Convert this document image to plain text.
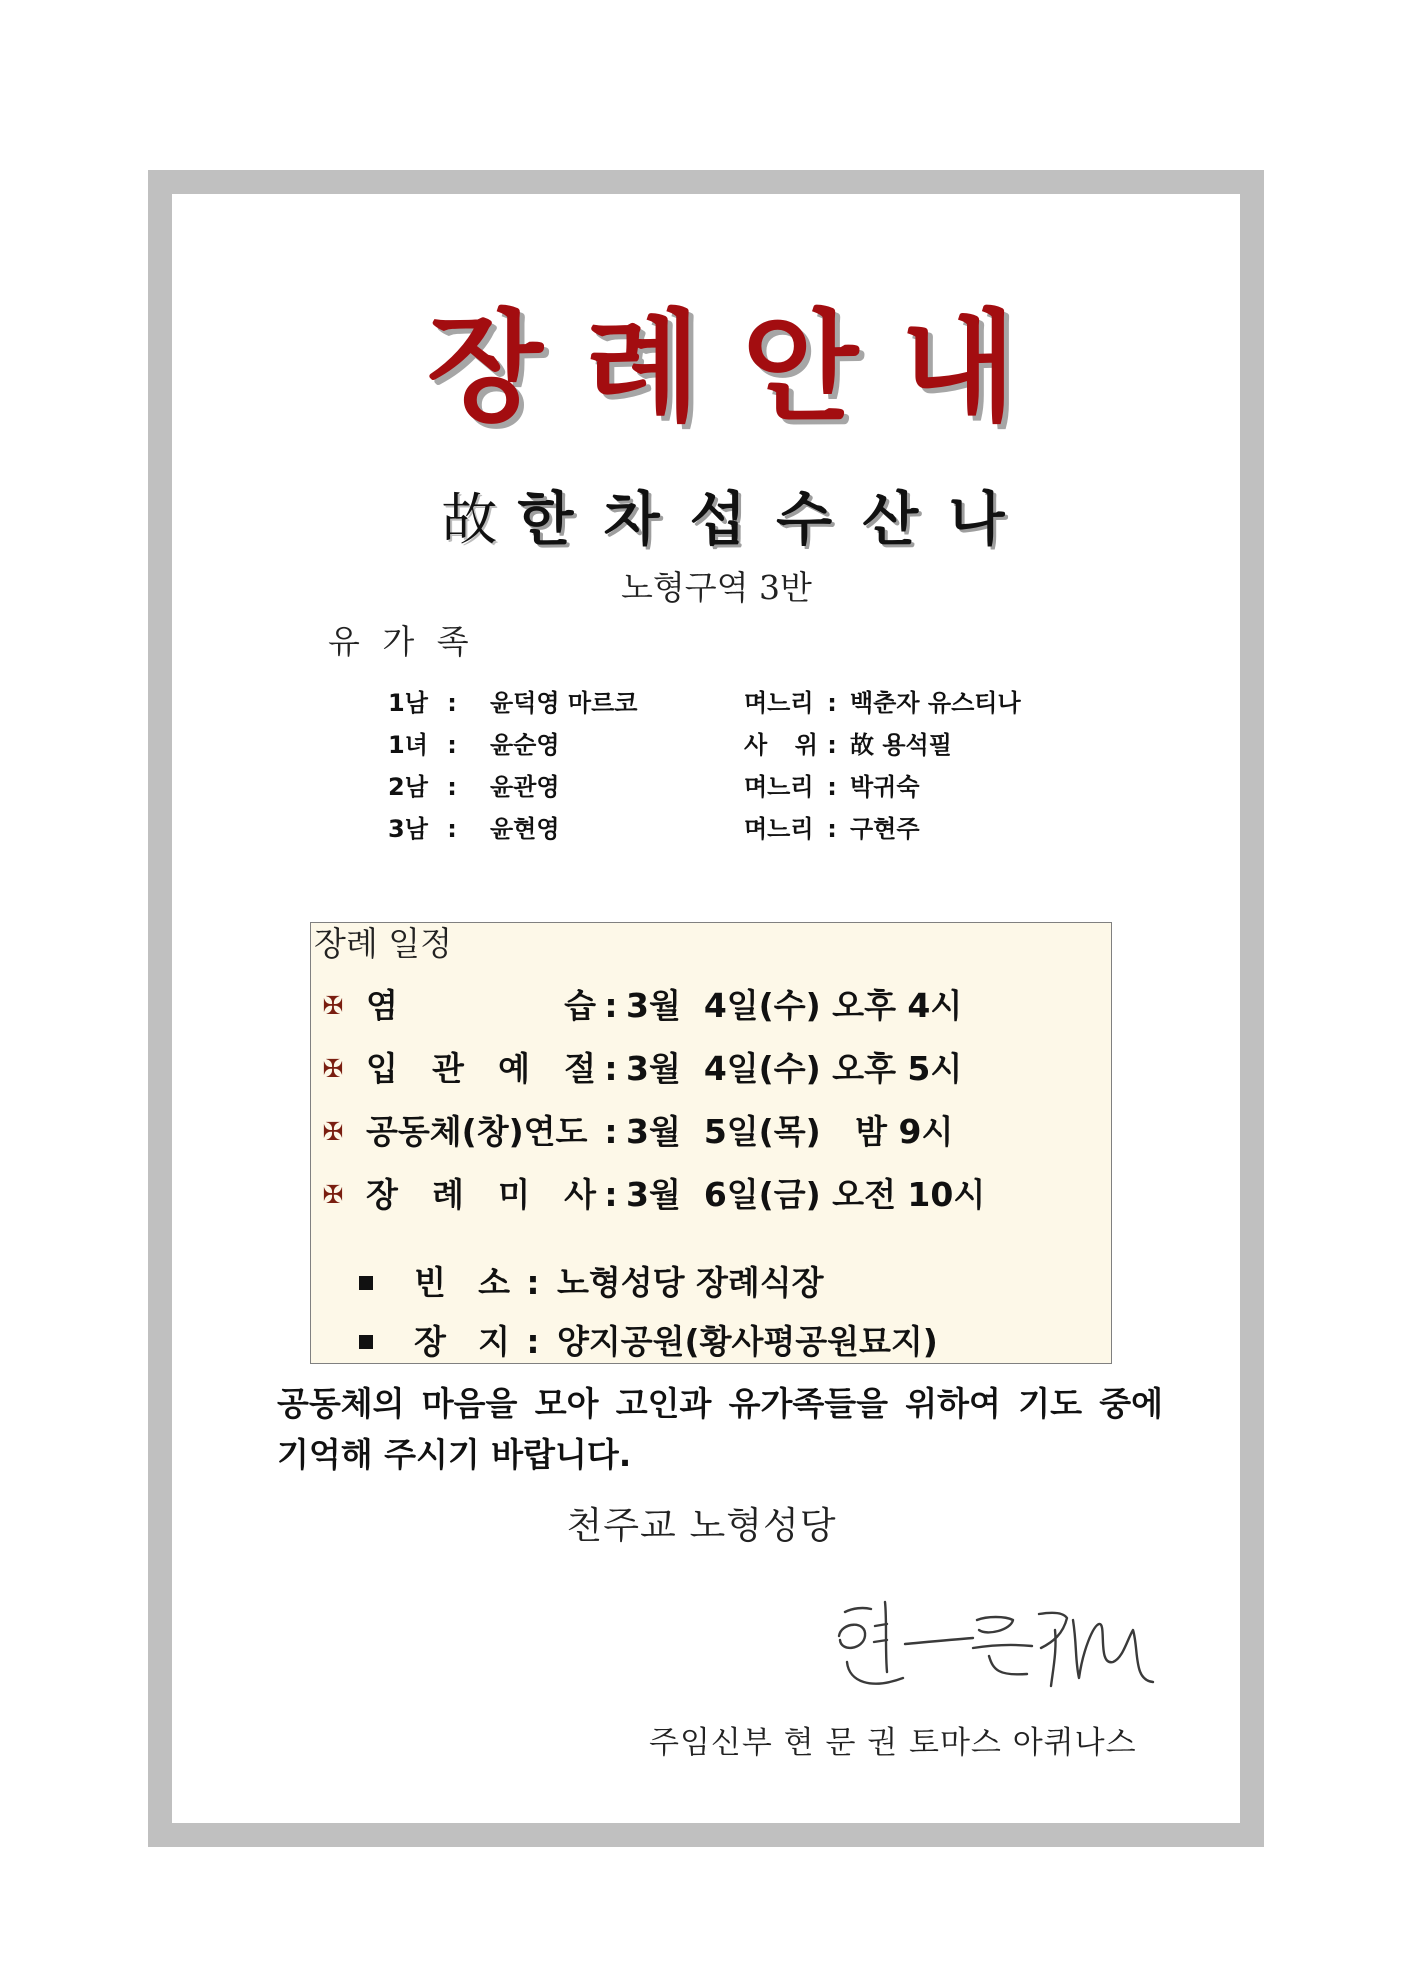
장 례 안 내
故 한 차 섭 수 산 나
노형구역 3반
유 가 족
1남 : 윤덕영 마르코	며느리 : 백춘자 유스티나
1녀 : 윤순영	사 위 : 故 용석필
2남 : 윤관영	며느리 : 박귀숙
3남 : 윤현영	며느리 : 구현주
장례 일정
✠
염 습 : 3월  4일(수) 오후 4시
✠
입 관 예 절 : 3월  4일(수) 오후 5시
✠
공동체(창)연도 : 3월  5일(목)   밤 9시
✠
장 례 미 사 : 3월  6일(금) 오전 10시
빈 소 : 노형성당 장례식장
장 지 : 양지공원(황사평공원묘지)
공동체의 마음을 모아 고인과 유가족들을 위하여 기도 중에
기억해 주시기 바랍니다.
천주교 노형성당
주임신부 현 문 권 토마스 아퀴나스
